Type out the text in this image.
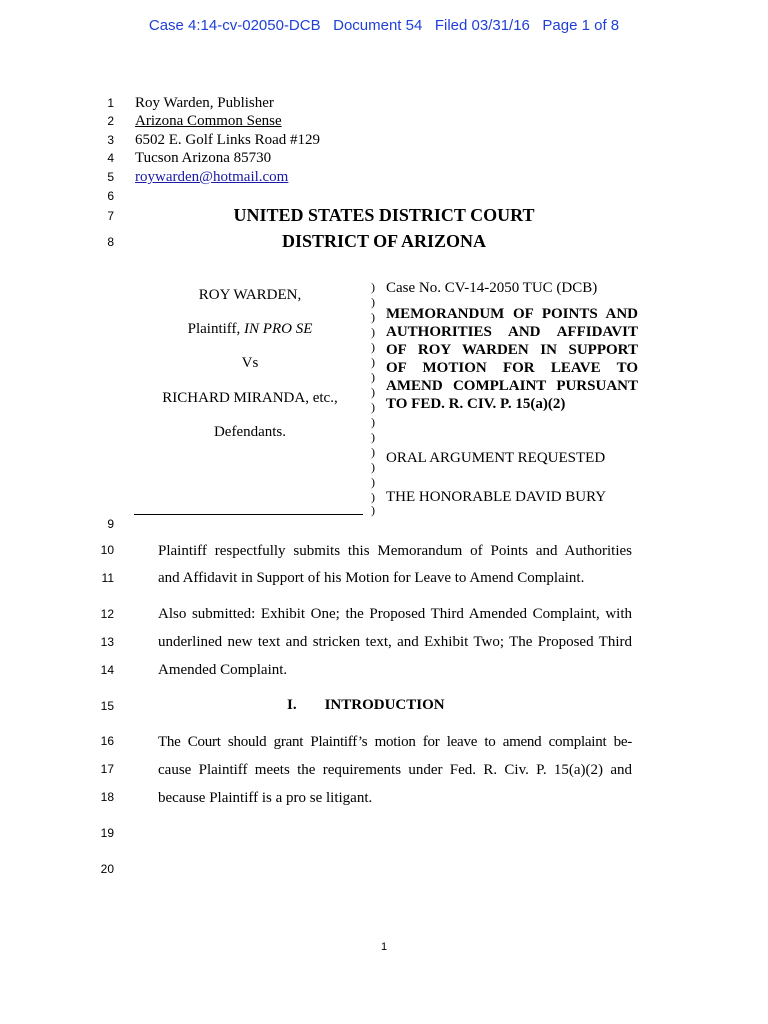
Case 4:14-cv-02050-DCB   Document 54   Filed 03/31/16   Page 1 of 8
1
2
3
4
5
6
7
8
9
10
11
12
13
14
15
16
17
18
19
20
Roy Warden, Publisher
Arizona Common Sense
6502 E. Golf Links Road #129
Tucson Arizona 85730
roywarden@hotmail.com
UNITED STATES DISTRICT COURT
DISTRICT OF ARIZONA
ROY WARDEN,
Plaintiff, IN PRO SE
Vs
RICHARD MIRANDA, etc.,
Defendants.
)
)
)
)
)
)
)
)
)
)
)
)
)
)
)
)
Case No. CV-14-2050 TUC (DCB)
MEMORANDUM OF POINTS AND
AUTHORITIES AND AFFIDAVIT
OF ROY WARDEN IN SUPPORT
OF MOTION FOR LEAVE TO
AMEND COMPLAINT PURSUANT
TO FED. R. CIV. P. 15(a)(2)
ORAL ARGUMENT REQUESTED
THE HONORABLE DAVID BURY
Plaintiff respectfully submits this Memorandum of Points and Authorities
and Affidavit in Support of his Motion for Leave to Amend Complaint.
Also submitted: Exhibit One; the Proposed Third Amended Complaint, with
underlined new text and stricken text, and Exhibit Two; The Proposed Third
Amended Complaint.
I. INTRODUCTION
The Court should grant Plaintiff’s motion for leave to amend complaint be-
cause Plaintiff meets the requirements under Fed. R. Civ. P. 15(a)(2) and
because Plaintiff is a pro se litigant.
1
